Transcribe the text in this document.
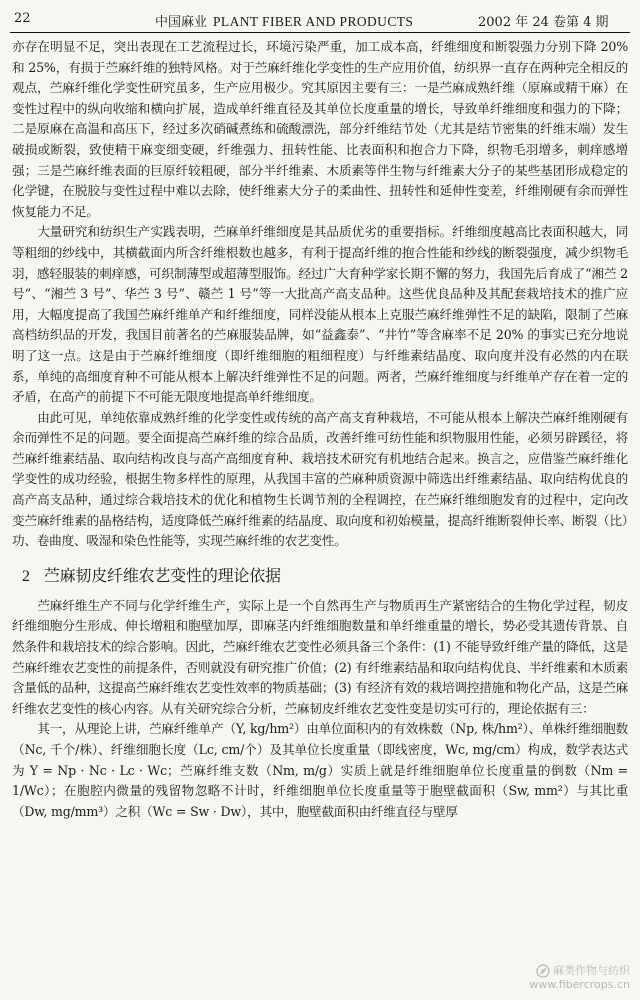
22	中国麻业 PLANT FIBER AND PRODUCTS	2002 年 24 卷第 4 期

亦存在明显不足，突出表现在工艺流程过长，环境污染严重，加工成本高，纤维细度和断裂强力分别下降 20% 和 25%，有损于苎麻纤维的独特风格。对于苎麻纤维化学变性的生产应用价值，纺织界一直存在两种完全相反的观点，苎麻纤维化学变性研究虽多，生产应用极少。究其原因主要有三：一是苎麻成熟纤维（原麻或精干麻）在变性过程中的纵向收缩和横向扩展，造成单纤维直径及其单位长度重量的增长，导致单纤维细度和强力的下降；二是原麻在高温和高压下，经过多次硝碱煮练和硫酸漂洗，部分纤维结节处（尤其是结节密集的纤维末端）发生破损或断裂，致使精干麻变细变硬，纤维强力、扭转性能、比表面积和抱合力下降，织物毛羽增多，刺痒感增强；三是苎麻纤维表面的巨原纤较粗硬，部分半纤维素、木质素等伴生物与纤维素大分子的某些基团形成稳定的化学键，在脱胶与变性过程中难以去除，使纤维素大分子的柔曲性、扭转性和延伸性变差，纤维刚硬有余而弹性恢复能力不足。

大量研究和纺织生产实践表明，苎麻单纤维细度是其品质优劣的重要指标。纤维细度越高比表面积越大，同等粗细的纱线中，其横截面内所含纤维根数也越多，有利于提高纤维的抱合性能和纱线的断裂强度，减少织物毛羽，感轻服装的刺痒感，可织制薄型或超薄型服饰。经过广大育种学家长期不懈的努力，我国先后育成了“湘苎 2 号”、“湘苎 3 号”、华苎 3 号”、赣苎 1 号”等一大批高产高支品种。这些优良品种及其配套栽培技术的推广应用，大幅度提高了我国苎麻纤维单产和纤维细度，同样没能从根本上克服苎麻纤维弹性不足的缺陷，限制了苎麻高档纺织品的开发，我国目前著名的苎麻服装品牌，如“益鑫泰”、“井竹”等含麻率不足 20% 的事实已充分地说明了这一点。这是由于苎麻纤维细度（即纤维细胞的粗细程度）与纤维素结晶度、取向度并没有必然的内在联系，单纯的高细度育种不可能从根本上解决纤维弹性不足的问题。两者，苎麻纤维细度与纤维单产存在着一定的矛盾，在高产的前提下不可能无限度地提高单纤维细度。

由此可见，单纯依靠成熟纤维的化学变性或传统的高产高支育种栽培，不可能从根本上解决苎麻纤维刚硬有余而弹性不足的问题。要全面提高苎麻纤维的综合品质，改善纤维可纺性能和织物服用性能，必须另辟蹊径，将苎麻纤维素结晶、取向结构改良与高产高细度育种、栽培技术研究有机地结合起来。换言之，应借鉴苎麻纤维化学变性的成功经验，根据生物多样性的原理，从我国丰富的苎麻种质资源中筛选出纤维素结晶、取向结构优良的高产高支品种，通过综合栽培技术的优化和植物生长调节剂的全程调控，在苎麻纤维细胞发育的过程中，定向改变苎麻纤维素的晶格结构，适度降低苎麻纤维素的结晶度、取向度和初始模量，提高纤维断裂伸长率、断裂（比）功、卷曲度、吸湿和染色性能等，实现苎麻纤维的农艺变性。

2 苎麻韧皮纤维农艺变性的理论依据

苎麻纤维生产不同与化学纤维生产，实际上是一个自然再生产与物质再生产紧密结合的生物化学过程，韧皮纤维细胞分生形成、伸长增粗和胞壁加厚，即麻茎内纤维细胞数量和单纤维重量的增长，势必受其遗传背景、自然条件和栽培技术的综合影响。因此，苎麻纤维农艺变性必须具备三个条件：(1) 不能导致纤维产量的降低，这是苎麻纤维农艺变性的前提条件，否则就没有研究推广价值；(2) 有纤维素结晶和取向结构优良、半纤维素和木质素含量低的品种，这提高苎麻纤维农艺变性效率的物质基础；(3) 有经济有效的栽培调控措施和物化产品，这是苎麻纤维农艺变性的核心内容。从有关研究综合分析，苎麻韧皮纤维农艺变性变是切实可行的，理论依据有三：

其一，从理论上讲，苎麻纤维单产（Y, kg/hm²）由单位面积内的有效株数（Np, 株/hm²）、单株纤维细胞数（Nc, 千个/株）、纤维细胞长度（Lc, cm/个）及其单位长度重量（即线密度，Wc, mg/cm）构成，数学表达式为 Y = Np · Nc · Lc · Wc；苎麻纤维支数（Nm, m/g）实质上就是纤维细胞单位长度重量的倒数（Nm = 1/Wc）；在胞腔内微量的残留物忽略不计时，纤维细胞单位长度重量等于胞壁截面积（Sw, mm²）与其比重（Dw, mg/mm³）之积（Wc = Sw · Dw），其中，胞壁截面积由纤维直径与壁厚

麻类作物与纺织
www.fibercrops.cn
